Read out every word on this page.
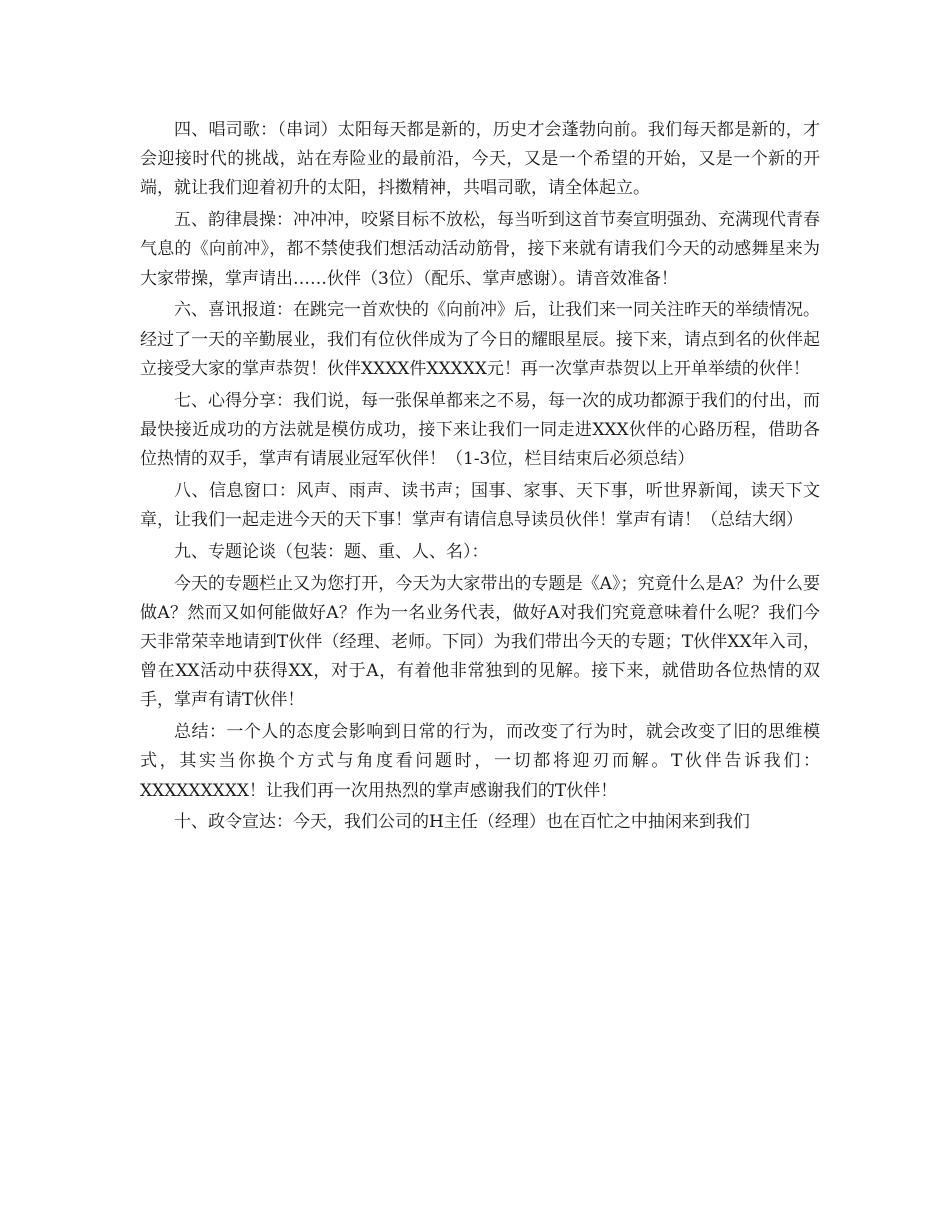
四、唱司歌：（串词）太阳每天都是新的，历史才会蓬勃向前。我们每天都是新的，才会迎接时代的挑战，站在寿险业的最前沿，今天，又是一个希望的开始，又是一个新的开端，就让我们迎着初升的太阳，抖擞精神，共唱司歌，请全体起立。

五、韵律晨操：冲冲冲，咬紧目标不放松，每当听到这首节奏宣明强劲、充满现代青春气息的《向前冲》，都不禁使我们想活动活动筋骨，接下来就有请我们今天的动感舞星来为大家带操，掌声请出……伙伴（3位）（配乐、掌声感谢）。请音效准备！

六、喜讯报道：在跳完一首欢快的《向前冲》后，让我们来一同关注昨天的举绩情况。经过了一天的辛勤展业，我们有位伙伴成为了今日的耀眼星辰。接下来，请点到名的伙伴起立接受大家的掌声恭贺！伙伴XXXX件XXXXX元！再一次掌声恭贺以上开单举绩的伙伴！

七、心得分享：我们说，每一张保单都来之不易，每一次的成功都源于我们的付出，而最快接近成功的方法就是模仿成功，接下来让我们一同走进XXX伙伴的心路历程，借助各位热情的双手，掌声有请展业冠军伙伴！（1-3位，栏目结束后必须总结）

八、信息窗口：风声、雨声、读书声；国事、家事、天下事，听世界新闻，读天下文章，让我们一起走进今天的天下事！掌声有请信息导读员伙伴！掌声有请！（总结大纲）

九、专题论谈（包装：题、重、人、名）：

今天的专题栏止又为您打开，今天为大家带出的专题是《A》；究竟什么是A？为什么要做A？然而又如何能做好A？作为一名业务代表，做好A对我们究竟意味着什么呢？我们今天非常荣幸地请到T伙伴（经理、老师。下同）为我们带出今天的专题；T伙伴XX年入司，曾在XX活动中获得XX，对于A，有着他非常独到的见解。接下来，就借助各位热情的双手，掌声有请T伙伴！

总结：一个人的态度会影响到日常的行为，而改变了行为时，就会改变了旧的思维模式，其实当你换个方式与角度看问题时，一切都将迎刃而解。T伙伴告诉我们：XXXXXXXXX！让我们再一次用热烈的掌声感谢我们的T伙伴！

十、政令宣达：今天，我们公司的H主任（经理）也在百忙之中抽闲来到我们
